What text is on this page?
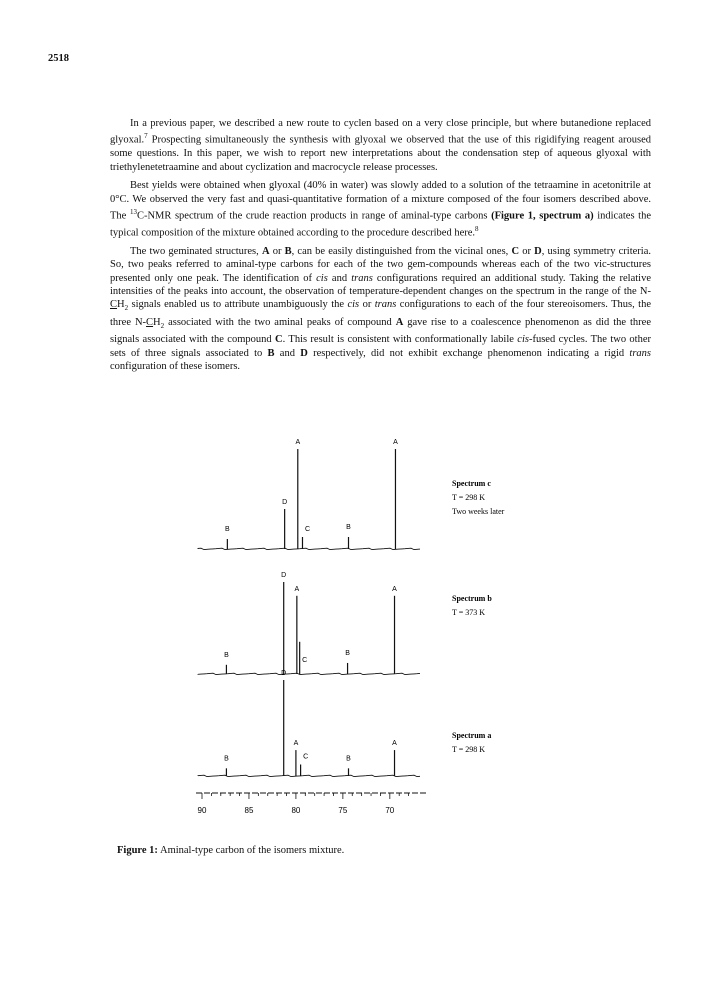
2518

In a previous paper, we described a new route to cyclen based on a very close principle, but where butanedione replaced glyoxal.$^7$ Prospecting simultaneously the synthesis with glyoxal we observed that the use of this rigidifying reagent aroused some questions. In this paper, we wish to report new interpretations about the condensation step of aqueous glyoxal with triethylenetetraamine and about cyclization and macrocycle release processes.

Best yields were obtained when glyoxal (40% in water) was slowly added to a solution of the tetraamine in acetonitrile at 0°C. We observed the very fast and quasi-quantitative formation of a mixture composed of the four isomers described above. The $^{13}$C-NMR spectrum of the crude reaction products in range of aminal-type carbons (Figure 1, spectrum a) indicates the typical composition of the mixture obtained according to the procedure described here.$^8$

The two geminated structures, A or B, can be easily distinguished from the vicinal ones, C or D, using symmetry criteria. So, two peaks referred to aminal-type carbons for each of the two gem-compounds whereas each of the two vic-structures presented only one peak. The identification of cis and trans configurations required an additional study. Taking the relative intensities of the peaks into account, the observation of temperature-dependent changes on the spectrum in the range of the $N-CH_2$ signals enabled us to attribute unambiguously the cis or trans configurations to each of the four stereoisomers. Thus, the three $N-CH_2$ associated with the two aminal peaks of compound A gave rise to a coalescence phenomenon as did the three signals associated with the compound C. This result is consistent with conformationally labile cis-fused cycles. The two other sets of three signals associated to B and D respectively, did not exhibit exchange phenomenon indicating a rigid trans configuration of these isomers.

B
D
A
C	B
A
Spectrum c
T = 298 K
Two weeks later
B
D
A
C
B
A
Spectrum b
T = 373 K
B
D
A
C	B
A
Spectrum a
T = 298 K
90	85	80	75	70
Figure 1: Aminal-type carbon of the isomers mixture.
